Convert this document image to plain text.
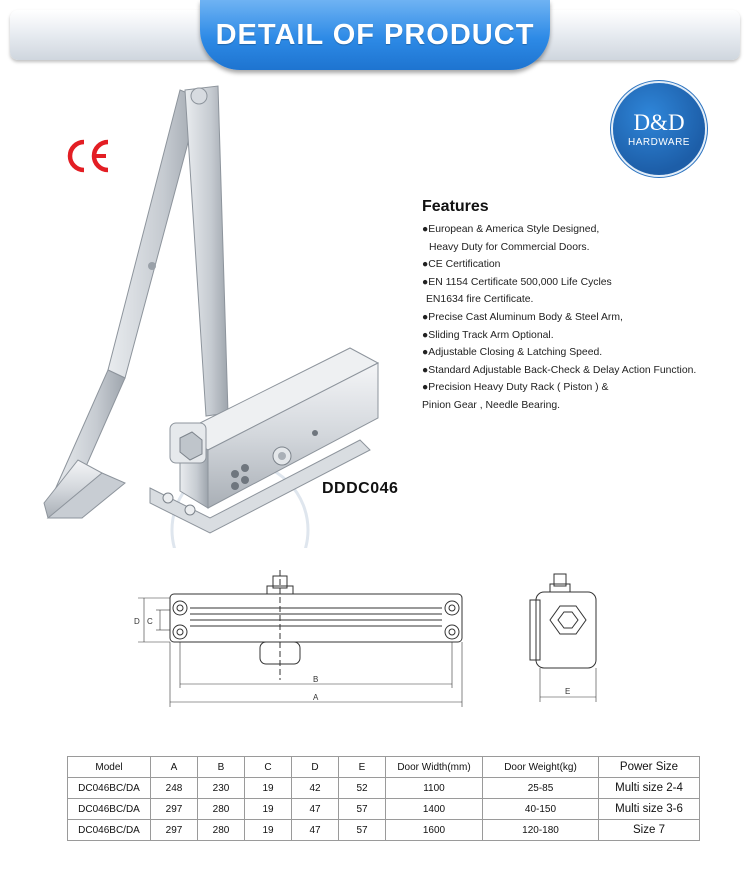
DETAIL OF PRODUCT
D&D
HARDWARE
DDDC046
Features
●European & America Style Designed,
Heavy Duty for Commercial Doors.
●CE Certification
●EN 1154 Certificate 500,000 Life Cycles
EN1634 fire Certificate.
●Precise Cast Aluminum Body & Steel Arm,
●Sliding Track Arm Optional.
●Adjustable Closing & Latching Speed.
●Standard Adjustable Back-Check & Delay Action Function.
●Precision Heavy Duty Rack ( Piston ) &
Pinion Gear , Needle Bearing.
D C
B
A
E
Model	A	B	C	D	E	Door Width(mm)	Door Weight(kg)	Power Size
DC046BC/DA	248	230	19	42	52	1100	25-85	Multi size 2-4
DC046BC/DA	297	280	19	47	57	1400	40-150	Multi size 3-6
DC046BC/DA	297	280	19	47	57	1600	120-180	Size 7
